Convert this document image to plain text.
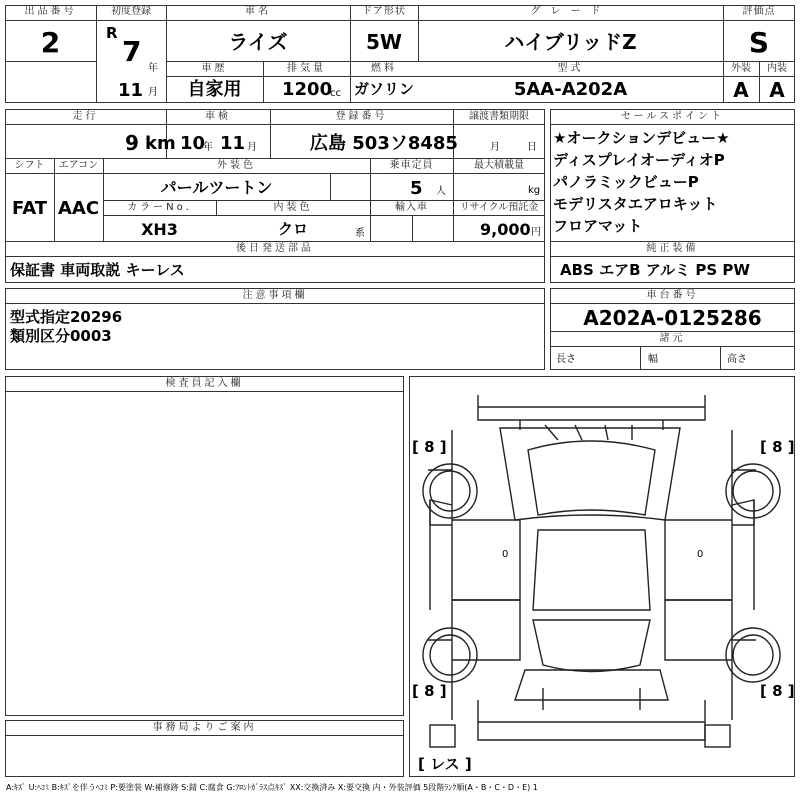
出品番号
2
初度登録
R
7
年
11 月
車名
ライズ
ドア形状
5W
グレード
ハイブリッドZ
評価点
S
車歴
自家用
排気量
1200
cc
燃料
ガソリン
型式
5AA-A202A
外装
A
内装
A
走行
9 km
車検
10
年 11 月
登録番号
広島 503ソ8485
譲渡書類期限
月	日
シフト
FAT
エアコン
AAC
外装色
パールツートン
乗車定員
5 人
最大積載量
kg
カラーNo.
XH3
内装色
クロ	系
輸入車	リサイクル預託金
9,000 円
後日発送部品
保証書 車両取説 キーレス
セールスポイント
★オークションデビュー★
ディスプレイオーディオP
パノラミックビューP
モデリスタエアロキット
フロアマット
純正装備
ABS エアB アルミ PS PW
注意事項欄
型式指定20296
類別区分0003
車台番号
A202A-0125286
諸元
長さ	幅	高さ
検査員記入欄
事務局よりご案内
[ 8 ]	[ 8 ]
[ 8 ]	[ 8 ]
0	0
[ レス ]
A:ｷｽﾞ U:ﾍｺﾐ B:ｷｽﾞを伴うﾍｺﾐ P:要塗装 W:補修跡 S:錆 C:腐食 G:ﾌﾛﾝﾄｶﾞﾗｽ点ｷｽﾞ XX:交換済み X:要交換 内・外装評価 5段階ﾗﾝｸ順(A・B・C・D・E) 1
